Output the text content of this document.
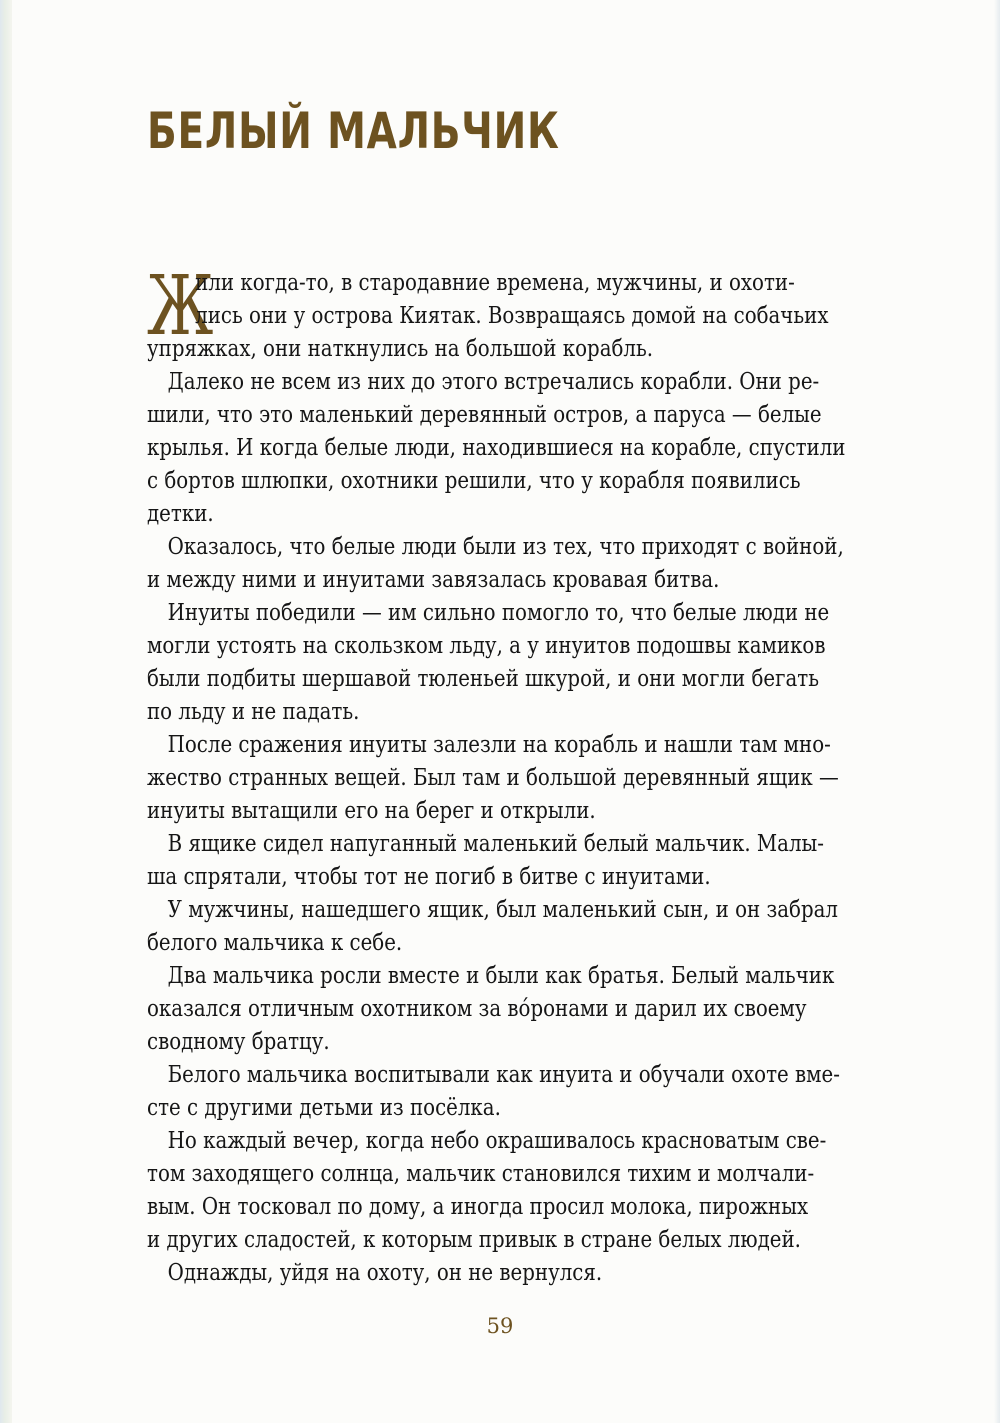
БЕЛЫЙ МАЛЬЧИК
Ж
или когда-то, в стародавние времена, мужчины, и охоти-
лись они у острова Киятак. Возвращаясь домой на собачьих
упряжках, они наткнулись на большой корабль.
Далеко не всем из них до этого встречались корабли. Они ре-
шили, что это маленький деревянный остров, а паруса — белые
крылья. И когда белые люди, находившиеся на корабле, спустили
с бортов шлюпки, охотники решили, что у корабля появились
детки.
Оказалось, что белые люди были из тех, что приходят с войной,
и между ними и инуитами завязалась кровавая битва.
Инуиты победили — им сильно помогло то, что белые люди не
могли устоять на скользком льду, а у инуитов подошвы камиков
были подбиты шершавой тюленьей шкурой, и они могли бегать
по льду и не падать.
После сражения инуиты залезли на корабль и нашли там мно-
жество странных вещей. Был там и большой деревянный ящик —
инуиты вытащили его на берег и открыли.
В ящике сидел напуганный маленький белый мальчик. Малы-
ша спрятали, чтобы тот не погиб в битве с инуитами.
У мужчины, нашедшего ящик, был маленький сын, и он забрал
белого мальчика к себе.
Два мальчика росли вместе и были как братья. Белый мальчик
оказался отличным охотником за вóронами и дарил их своему
сводному братцу.
Белого мальчика воспитывали как инуита и обучали охоте вме-
сте с другими детьми из посёлка.
Но каждый вечер, когда небо окрашивалось красноватым све-
том заходящего солнца, мальчик становился тихим и молчали-
вым. Он тосковал по дому, а иногда просил молока, пирожных
и других сладостей, к которым привык в стране белых людей.
Однажды, уйдя на охоту, он не вернулся.
59
